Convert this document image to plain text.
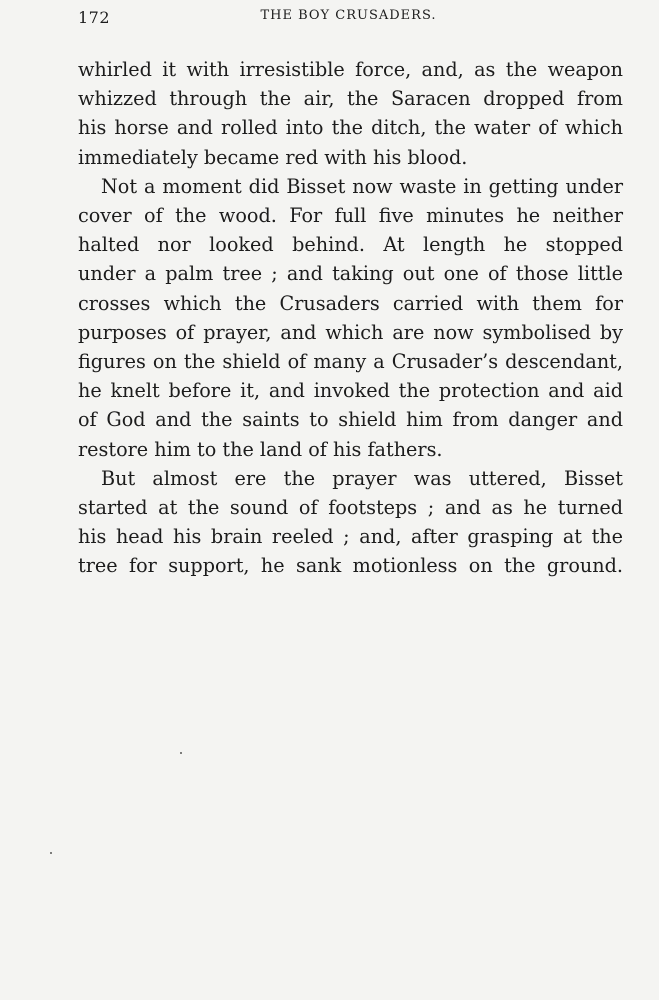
172	THE BOY CRUSADERS.

whirled it with irresistible force, and, as the weapon
whizzed through the air, the Saracen dropped from
his horse and rolled into the ditch, the water of which
immediately became red with his blood.

Not a moment did Bisset now waste in getting under
cover of the wood. For full five minutes he neither
halted nor looked behind. At length he stopped
under a palm tree ; and taking out one of those little
crosses which the Crusaders carried with them for
purposes of prayer, and which are now symbolised by
figures on the shield of many a Crusader’s descendant,
he knelt before it, and invoked the protection and aid
of God and the saints to shield him from danger and
restore him to the land of his fathers.

But almost ere the prayer was uttered, Bisset
started at the sound of footsteps ; and as he turned
his head his brain reeled ; and, after grasping at the
tree for support, he sank motionless on the ground.
